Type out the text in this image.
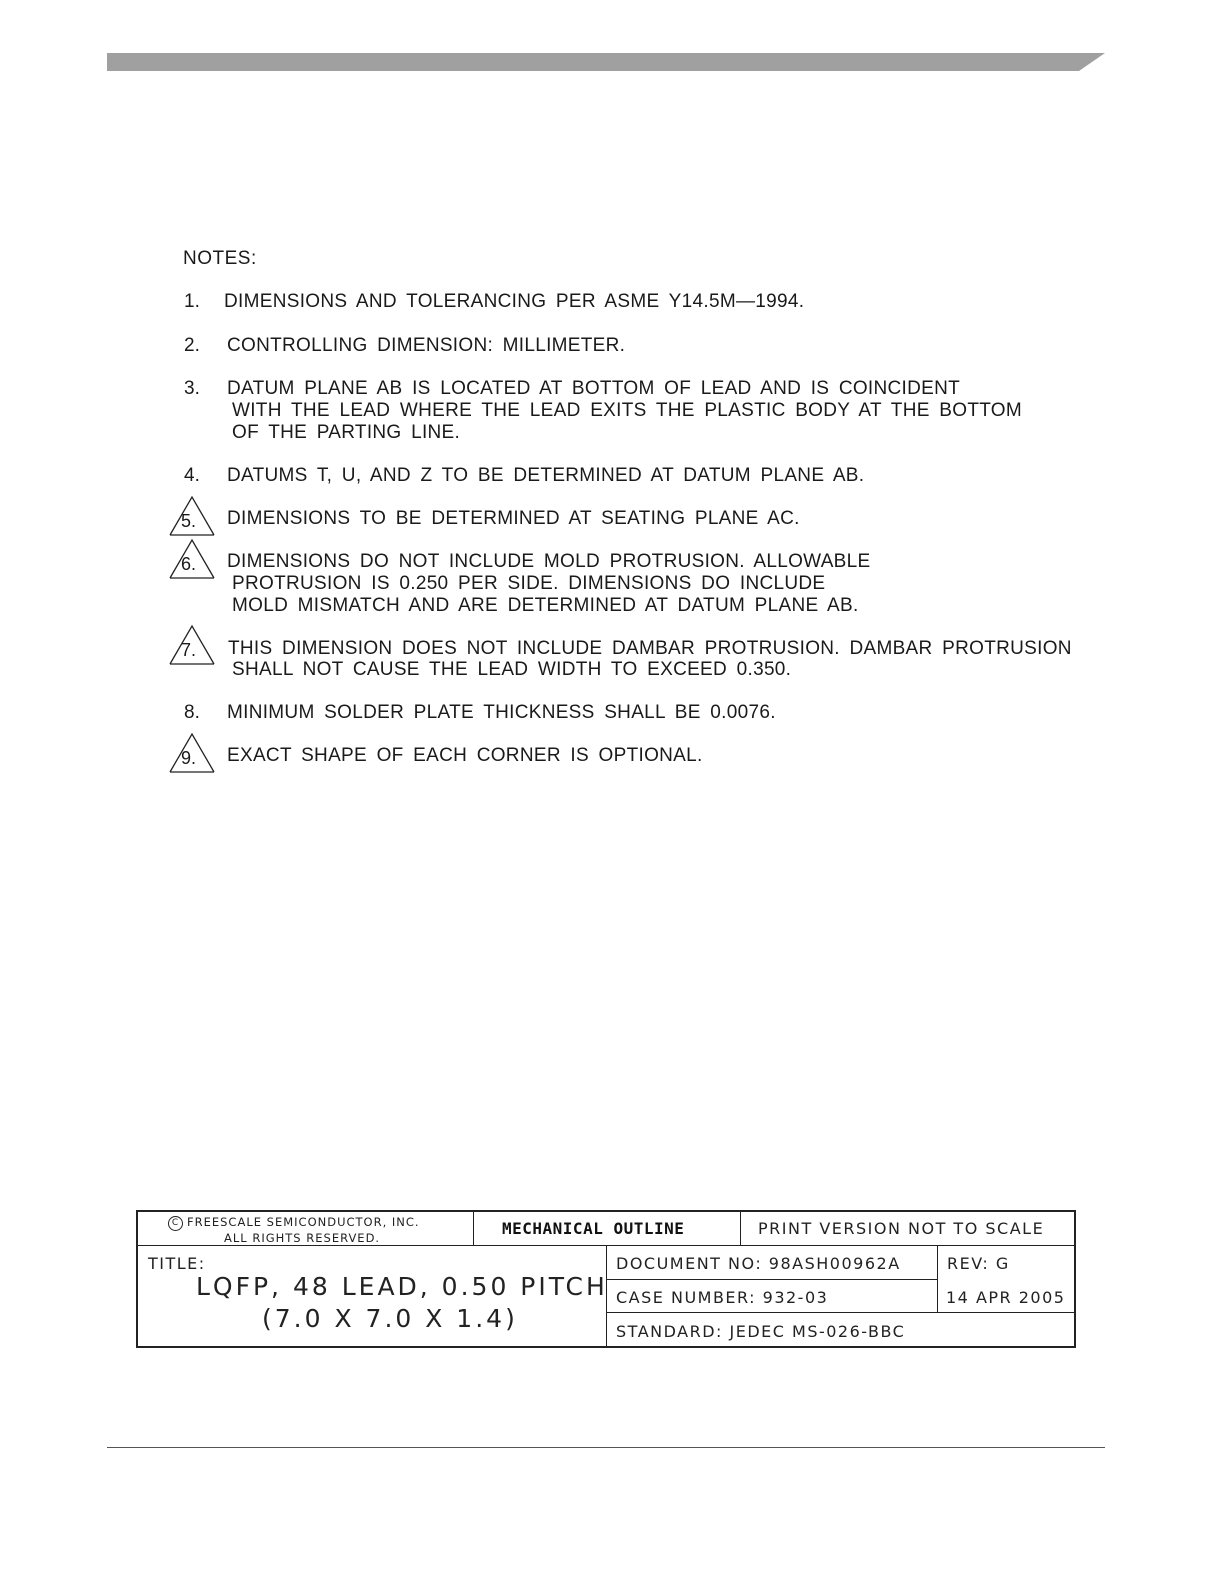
NOTES:
1. DIMENSIONS AND TOLERANCING PER ASME Y14.5M—1994.
2. CONTROLLING DIMENSION: MILLIMETER.
3. DATUM PLANE AB IS LOCATED AT BOTTOM OF LEAD AND IS COINCIDENT
WITH THE LEAD WHERE THE LEAD EXITS THE PLASTIC BODY AT THE BOTTOM
OF THE PARTING LINE.
4. DATUMS T, U, AND Z TO BE DETERMINED AT DATUM PLANE AB.
5. DIMENSIONS TO BE DETERMINED AT SEATING PLANE AC.
6. DIMENSIONS DO NOT INCLUDE MOLD PROTRUSION. ALLOWABLE
PROTRUSION IS 0.250 PER SIDE. DIMENSIONS DO INCLUDE
MOLD MISMATCH AND ARE DETERMINED AT DATUM PLANE AB.
7. THIS DIMENSION DOES NOT INCLUDE DAMBAR PROTRUSION. DAMBAR PROTRUSION
SHALL NOT CAUSE THE LEAD WIDTH TO EXCEED 0.350.
8. MINIMUM SOLDER PLATE THICKNESS SHALL BE 0.0076.
9. EXACT SHAPE OF EACH CORNER IS OPTIONAL.
C FREESCALE SEMICONDUCTOR, INC.
ALL RIGHTS RESERVED.	MECHANICAL OUTLINE	PRINT VERSION NOT TO SCALE
TITLE:
LQFP, 48 LEAD, 0.50 PITCH
(7.0 X 7.0 X 1.4)
DOCUMENT NO: 98ASH00962A	REV: G
CASE NUMBER: 932-03	14 APR 2005
STANDARD: JEDEC MS-026-BBC
